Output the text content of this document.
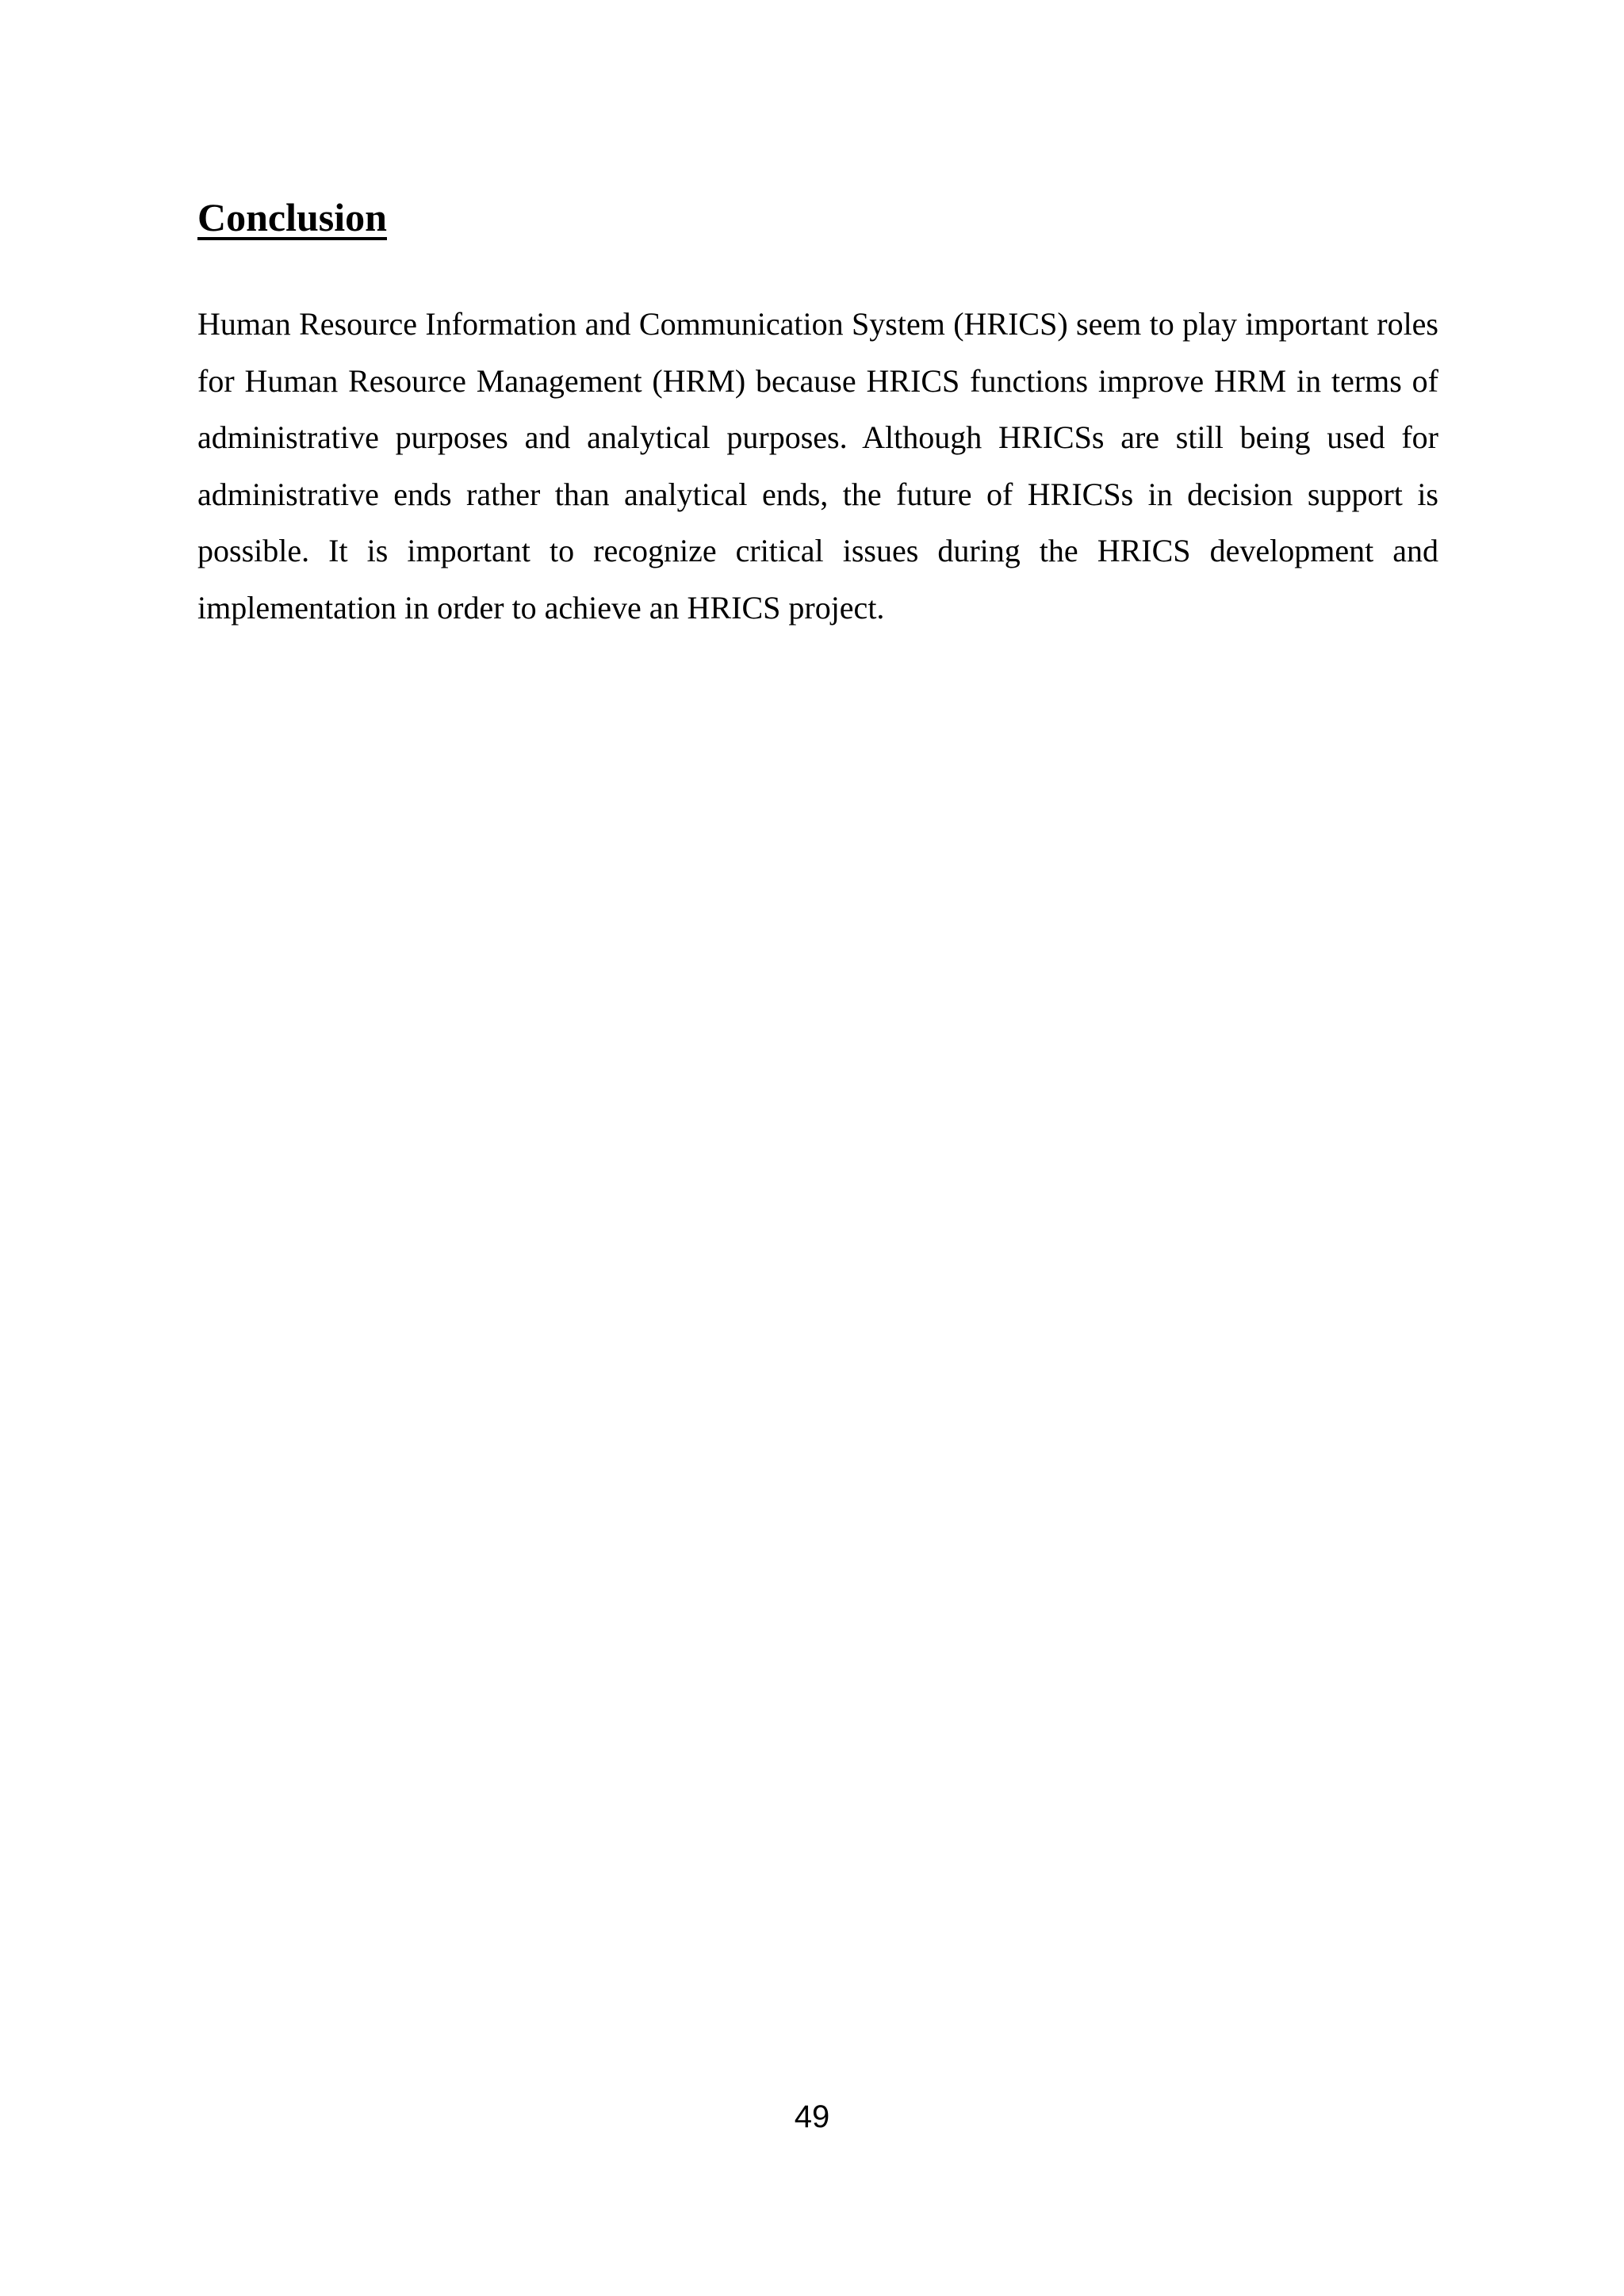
Conclusion

Human Resource Information and Communication System (HRICS) seem to play important roles for Human Resource Management (HRM) because HRICS functions improve HRM in terms of administrative purposes and analytical purposes. Although HRICSs are still being used for administrative ends rather than analytical ends, the future of HRICSs in decision support is possible. It is important to recognize critical issues during the HRICS development and implementation in order to achieve an HRICS project.

49
